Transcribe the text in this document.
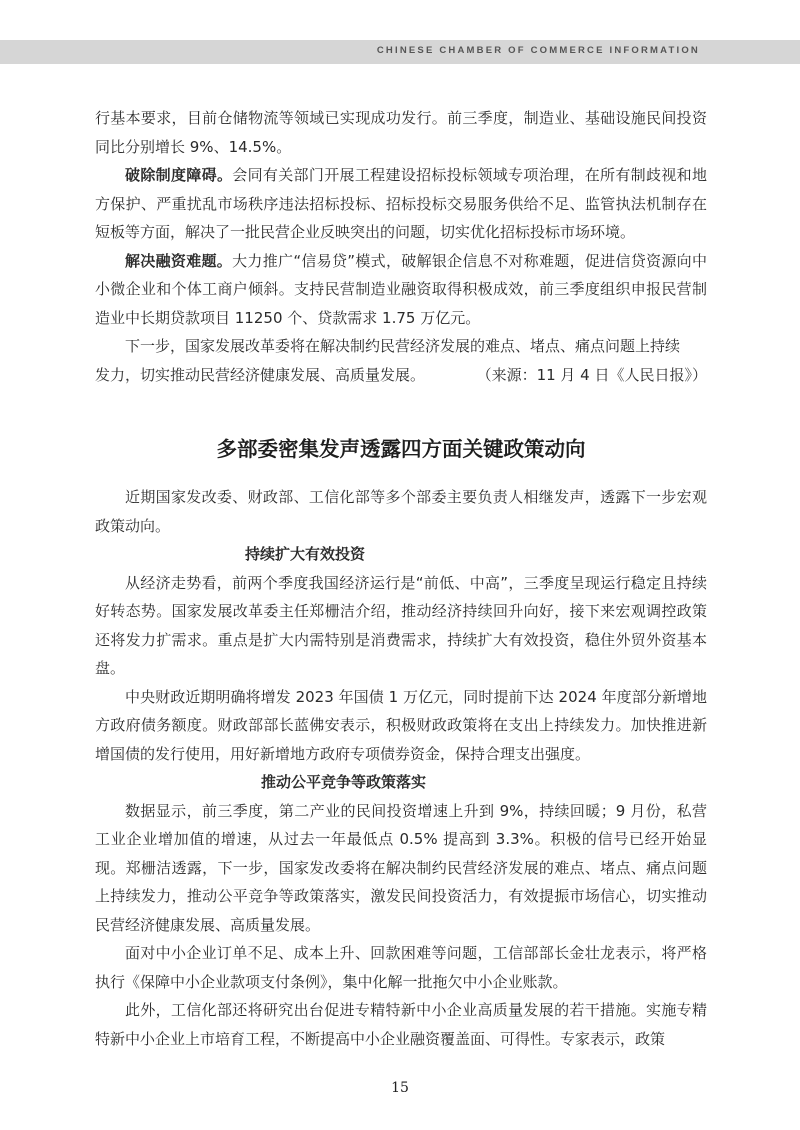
CHINESE CHAMBER OF COMMERCE INFORMATION

行基本要求，目前仓储物流等领域已实现成功发行。前三季度，制造业、基础设施民间投资同比分别增长 9%、14.5%。

破除制度障碍。会同有关部门开展工程建设招标投标领域专项治理，在所有制歧视和地方保护、严重扰乱市场秩序违法招标投标、招标投标交易服务供给不足、监管执法机制存在短板等方面，解决了一批民营企业反映突出的问题，切实优化招标投标市场环境。

解决融资难题。大力推广“信易贷”模式，破解银企信息不对称难题，促进信贷资源向中小微企业和个体工商户倾斜。支持民营制造业融资取得积极成效，前三季度组织申报民营制造业中长期贷款项目 11250 个、贷款需求 1.75 万亿元。

下一步，国家发展改革委将在解决制约民营经济发展的难点、堵点、痛点问题上持续

发力，切实推动民营经济健康发展、高质量发展。	（来源：11 月 4 日《人民日报》）
多部委密集发声透露四方面关键政策动向

近期国家发改委、财政部、工信化部等多个部委主要负责人相继发声，透露下一步宏观政策动向。

持续扩大有效投资

从经济走势看，前两个季度我国经济运行是“前低、中高”，三季度呈现运行稳定且持续好转态势。国家发展改革委主任郑栅洁介绍，推动经济持续回升向好，接下来宏观调控政策还将发力扩需求。重点是扩大内需特别是消费需求，持续扩大有效投资，稳住外贸外资基本盘。

中央财政近期明确将增发 2023 年国债 1 万亿元，同时提前下达 2024 年度部分新增地方政府债务额度。财政部部长蓝佛安表示，积极财政政策将在支出上持续发力。加快推进新增国债的发行使用，用好新增地方政府专项债券资金，保持合理支出强度。

推动公平竞争等政策落实

数据显示，前三季度，第二产业的民间投资增速上升到 9%，持续回暖；9 月份，私营工业企业增加值的增速，从过去一年最低点 0.5% 提高到 3.3%。积极的信号已经开始显现。郑栅洁透露，下一步，国家发改委将在解决制约民营经济发展的难点、堵点、痛点问题上持续发力，推动公平竞争等政策落实，激发民间投资活力，有效提振市场信心，切实推动民营经济健康发展、高质量发展。

面对中小企业订单不足、成本上升、回款困难等问题，工信部部长金壮龙表示，将严格执行《保障中小企业款项支付条例》，集中化解一批拖欠中小企业账款。

此外，工信化部还将研究出台促进专精特新中小企业高质量发展的若干措施。实施专精特新中小企业上市培育工程，不断提高中小企业融资覆盖面、可得性。专家表示，政策

15
